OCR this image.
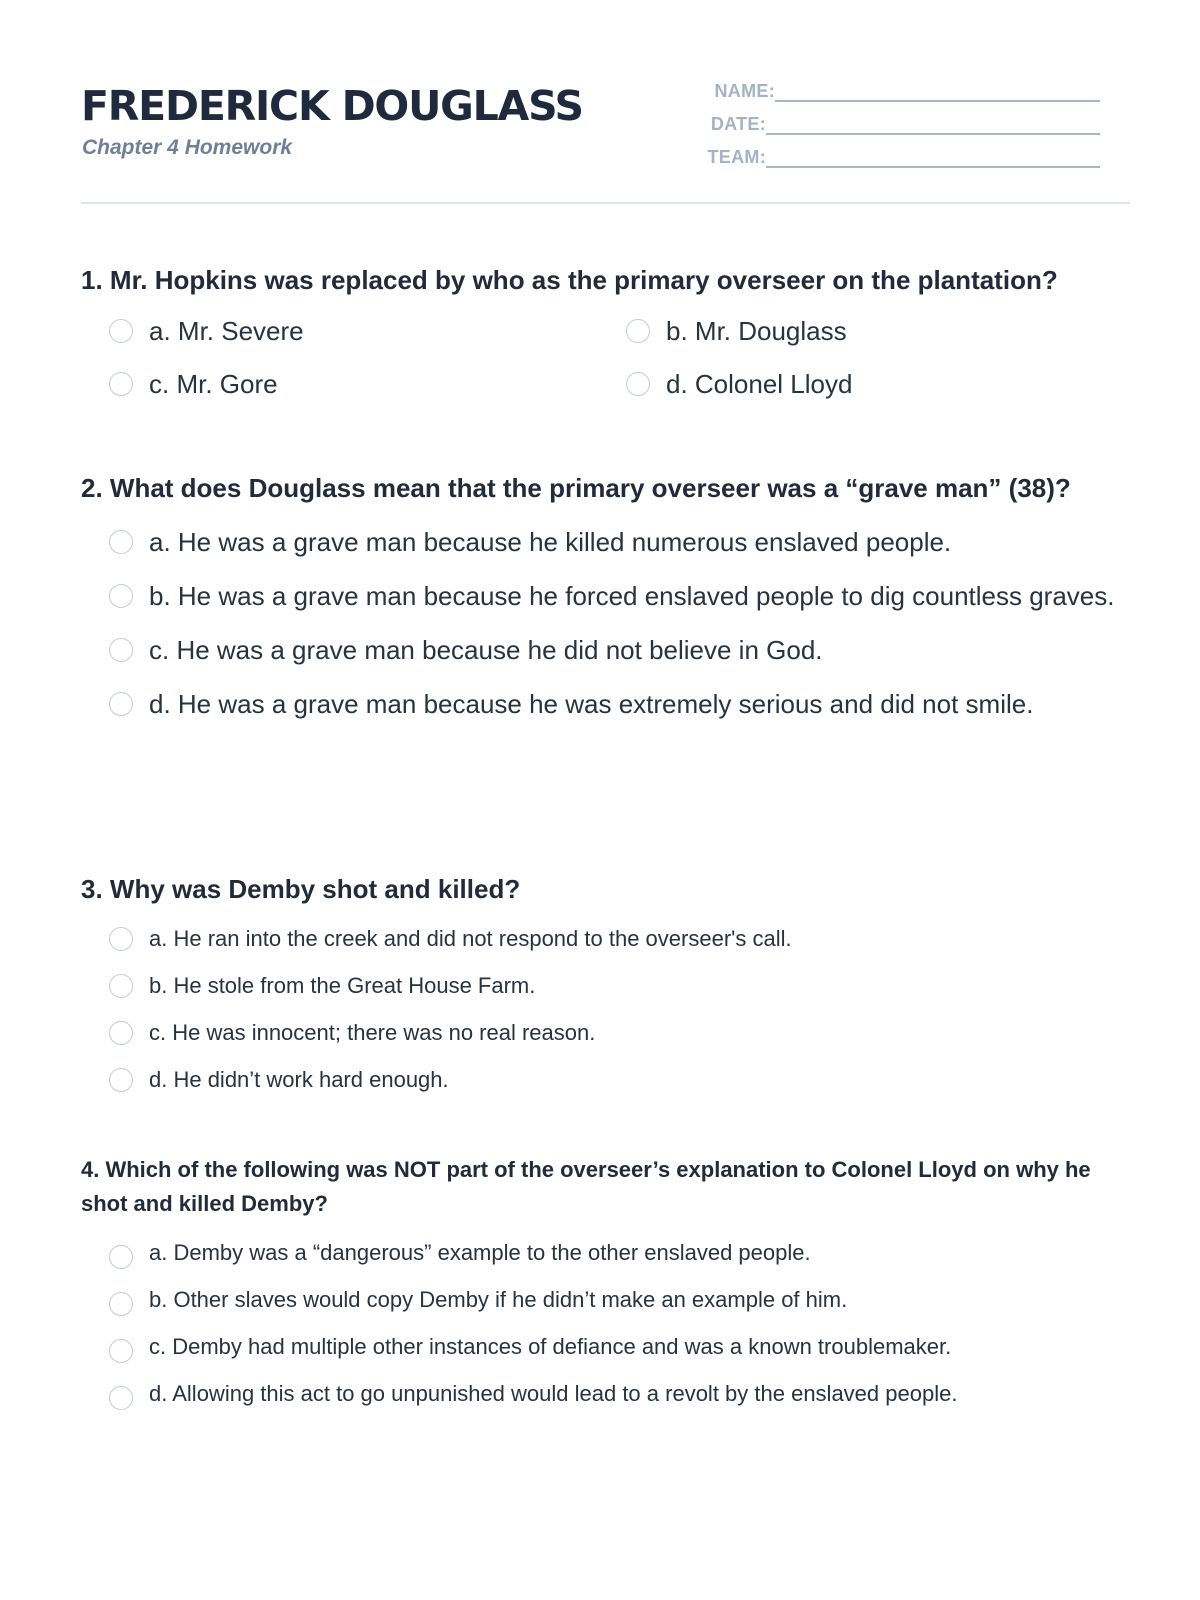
FREDERICK DOUGLASS
Chapter 4 Homework
NAME:
DATE:
TEAM:

1. Mr. Hopkins was replaced by who as the primary overseer on the plantation?

a. Mr. Severe	b. Mr. Douglass
c. Mr. Gore	d. Colonel Lloyd

2. What does Douglass mean that the primary overseer was a “grave man” (38)?

a. He was a grave man because he killed numerous enslaved people.
b. He was a grave man because he forced enslaved people to dig countless graves.
c. He was a grave man because he did not believe in God.
d. He was a grave man because he was extremely serious and did not smile.

3. Why was Demby shot and killed?

a. He ran into the creek and did not respond to the overseer's call.
b. He stole from the Great House Farm.
c. He was innocent; there was no real reason.
d. He didn’t work hard enough.

4. Which of the following was NOT part of the overseer’s explanation to Colonel Lloyd on why he shot and killed Demby?

a. Demby was a “dangerous” example to the other enslaved people.
b. Other slaves would copy Demby if he didn’t make an example of him.
c. Demby had multiple other instances of defiance and was a known troublemaker.
d. Allowing this act to go unpunished would lead to a revolt by the enslaved people.
